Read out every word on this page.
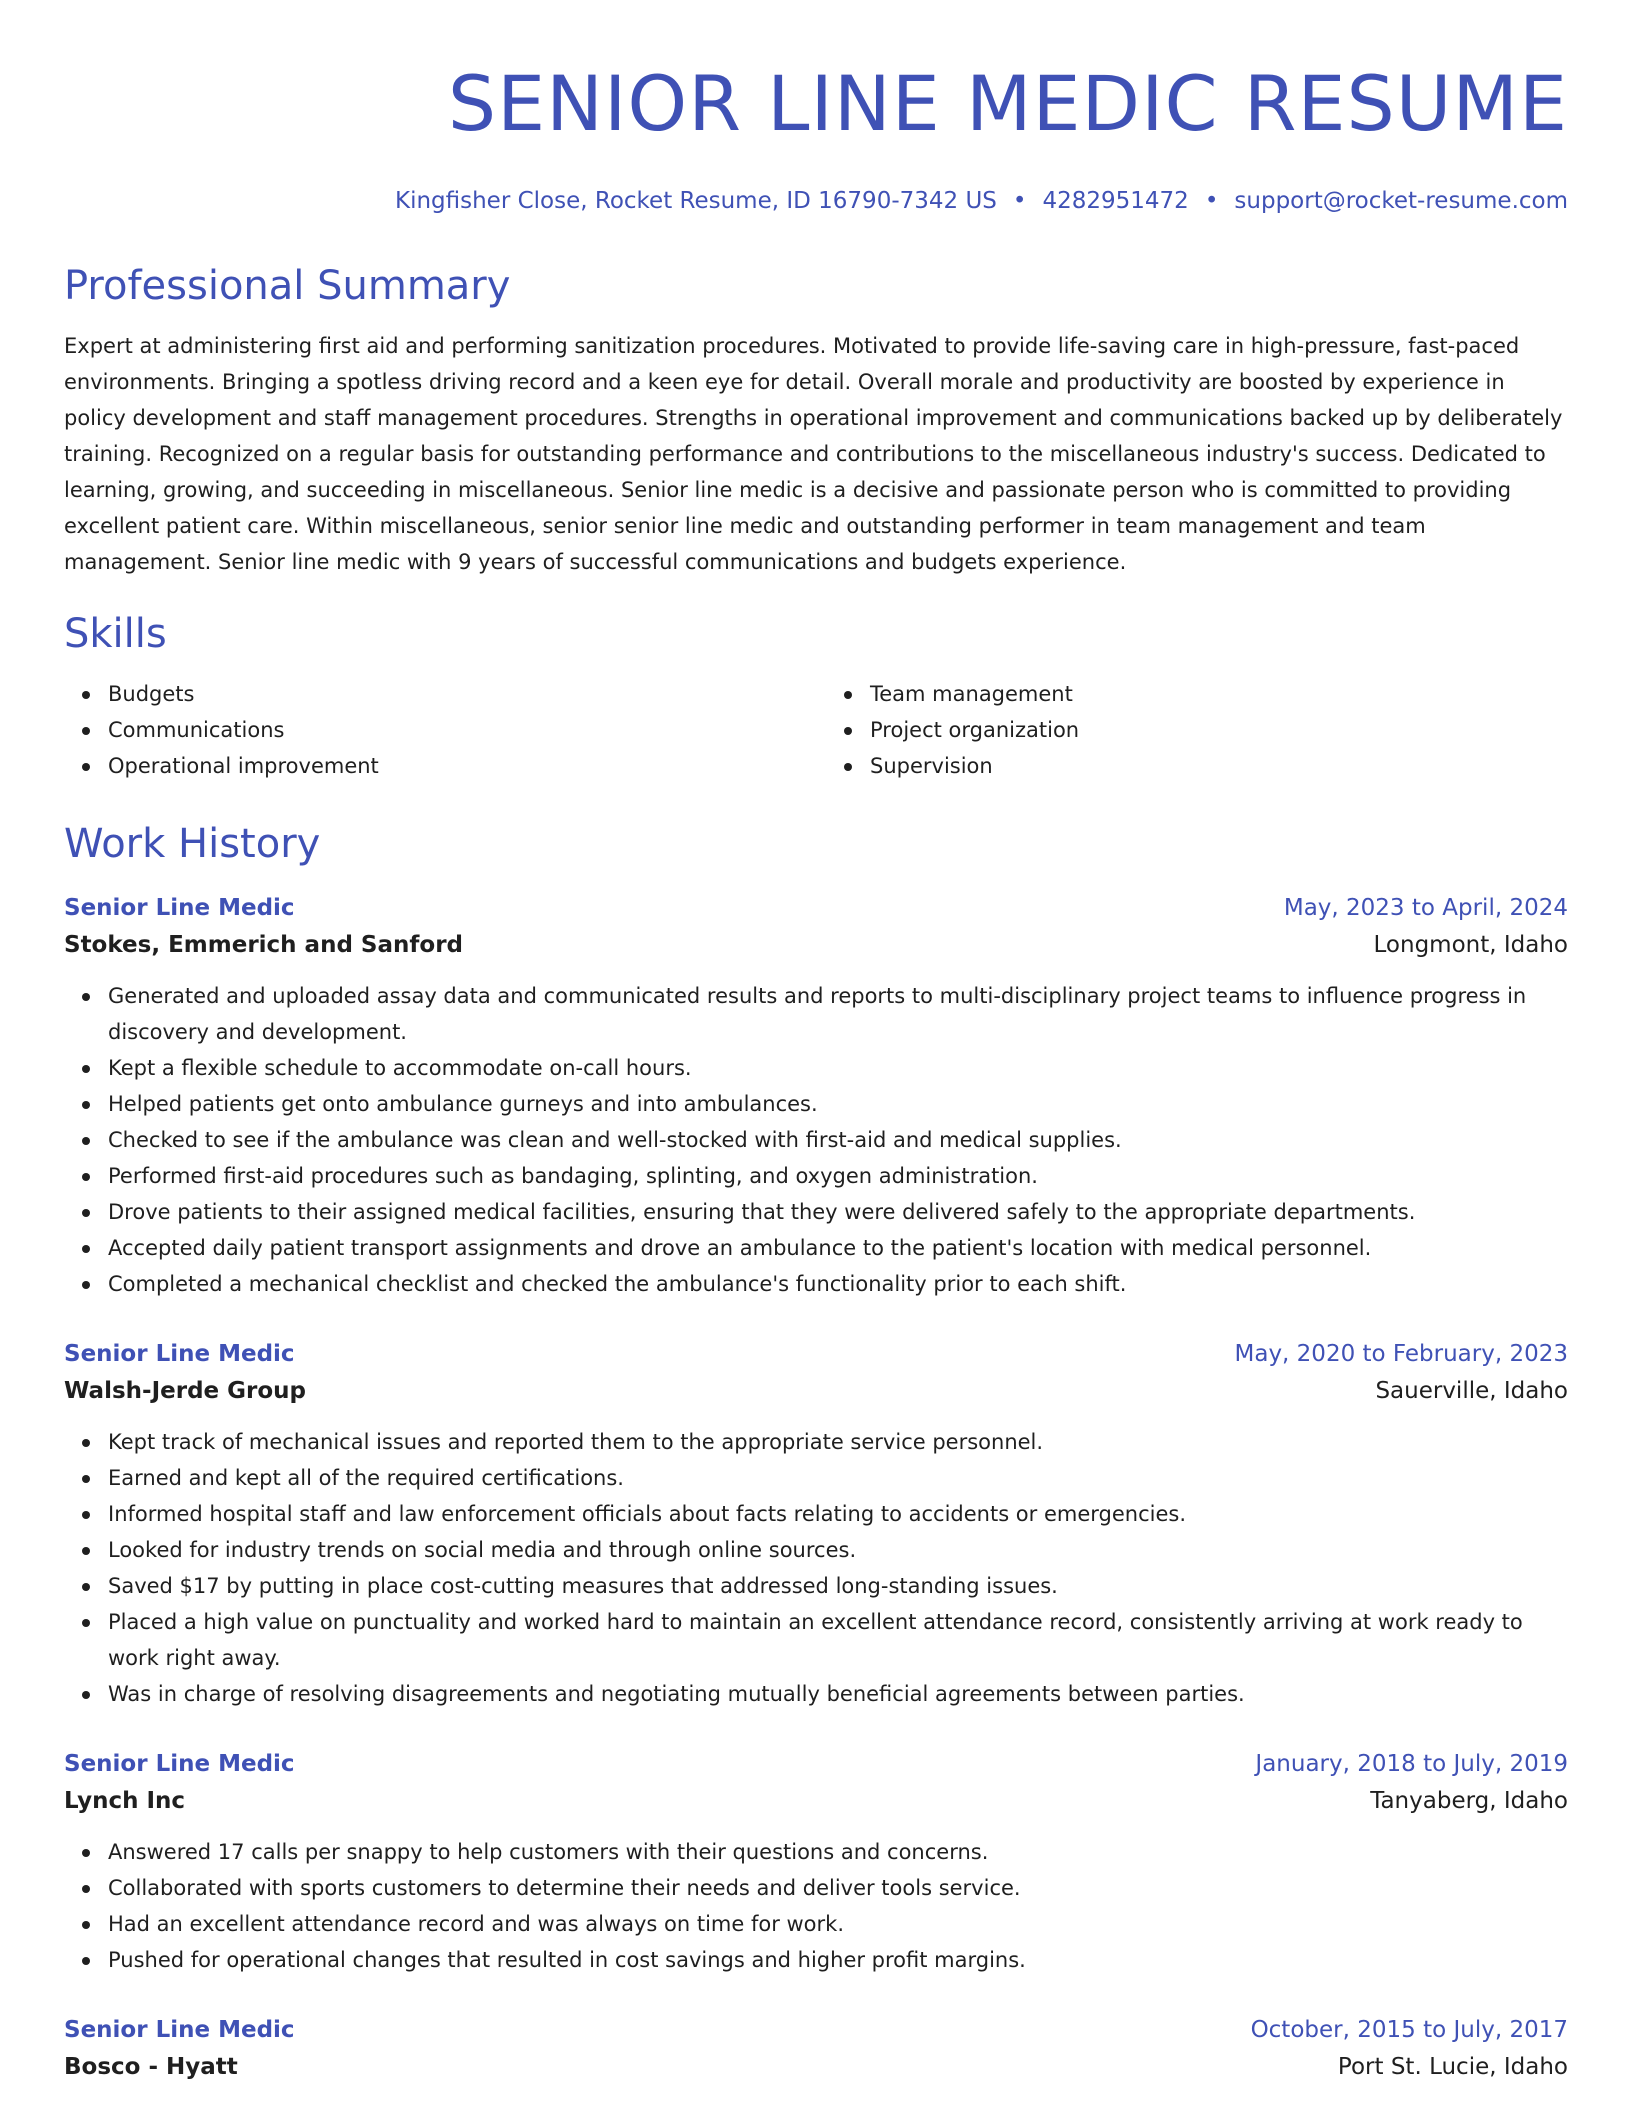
SENIOR LINE MEDIC RESUME
Kingfisher Close, Rocket Resume, ID 16790-7342 US • 4282951472 • support@rocket-resume.com
Professional Summary

Expert at administering first aid and performing sanitization procedures. Motivated to provide life-saving care in high-pressure, fast-paced environments. Bringing a spotless driving record and a keen eye for detail. Overall morale and productivity are boosted by experience in policy development and staff management procedures. Strengths in operational improvement and communications backed up by deliberately training. Recognized on a regular basis for outstanding performance and contributions to the miscellaneous industry's success. Dedicated to learning, growing, and succeeding in miscellaneous. Senior line medic is a decisive and passionate person who is committed to providing excellent patient care. Within miscellaneous, senior senior line medic and outstanding performer in team management and team management. Senior line medic with 9 years of successful communications and budgets experience.

Skills
Budgets
Communications
Operational improvement
Team management
Project organization
Supervision
Work History
Senior Line Medic	May, 2023 to April, 2024
Stokes, Emmerich and Sanford	Longmont, Idaho
Generated and uploaded assay data and communicated results and reports to multi-disciplinary project teams to influence progress in discovery and development.
Kept a flexible schedule to accommodate on-call hours.
Helped patients get onto ambulance gurneys and into ambulances.
Checked to see if the ambulance was clean and well-stocked with first-aid and medical supplies.
Performed first-aid procedures such as bandaging, splinting, and oxygen administration.
Drove patients to their assigned medical facilities, ensuring that they were delivered safely to the appropriate departments.
Accepted daily patient transport assignments and drove an ambulance to the patient's location with medical personnel.
Completed a mechanical checklist and checked the ambulance's functionality prior to each shift.
Senior Line Medic	May, 2020 to February, 2023
Walsh-Jerde Group	Sauerville, Idaho
Kept track of mechanical issues and reported them to the appropriate service personnel.
Earned and kept all of the required certifications.
Informed hospital staff and law enforcement officials about facts relating to accidents or emergencies.
Looked for industry trends on social media and through online sources.
Saved $17 by putting in place cost-cutting measures that addressed long-standing issues.
Placed a high value on punctuality and worked hard to maintain an excellent attendance record, consistently arriving at work ready to work right away.
Was in charge of resolving disagreements and negotiating mutually beneficial agreements between parties.
Senior Line Medic	January, 2018 to July, 2019
Lynch Inc	Tanyaberg, Idaho
Answered 17 calls per snappy to help customers with their questions and concerns.
Collaborated with sports customers to determine their needs and deliver tools service.
Had an excellent attendance record and was always on time for work.
Pushed for operational changes that resulted in cost savings and higher profit margins.
Senior Line Medic	October, 2015 to July, 2017
Bosco - Hyatt	Port St. Lucie, Idaho
